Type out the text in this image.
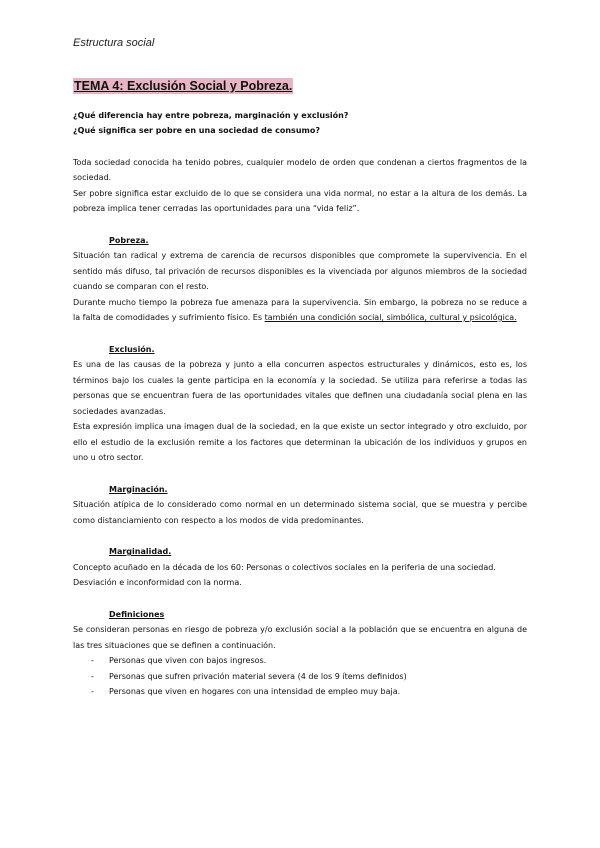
Estructura social
TEMA 4: Exclusión Social y Pobreza.

¿Qué diferencia hay entre pobreza, marginación y exclusión?

¿Qué significa ser pobre en una sociedad de consumo?

Toda sociedad conocida ha tenido pobres, cualquier modelo de orden que condenan a ciertos fragmentos de la sociedad.

Ser pobre significa estar excluido de lo que se considera una vida normal, no estar a la altura de los demás. La pobreza implica tener cerradas las oportunidades para una “vida feliz”.

Pobreza.

Situación tan radical y extrema de carencia de recursos disponibles que compromete la supervivencia. En el sentido más difuso, tal privación de recursos disponibles es la vivenciada por algunos miembros de la sociedad cuando se comparan con el resto.

Durante mucho tiempo la pobreza fue amenaza para la supervivencia. Sin embargo, la pobreza no se reduce a la falta de comodidades y sufrimiento físico. Es también una condición social, simbólica, cultural y psicológica.

Exclusión.

Es una de las causas de la pobreza y junto a ella concurren aspectos estructurales y dinámicos, esto es, los términos bajo los cuales la gente participa en la economía y la sociedad. Se utiliza para referirse a todas las personas que se encuentran fuera de las oportunidades vitales que definen una ciudadanía social plena en las sociedades avanzadas.

Esta expresión implica una imagen dual de la sociedad, en la que existe un sector integrado y otro excluido, por ello el estudio de la exclusión remite a los factores que determinan la ubicación de los individuos y grupos en uno u otro sector.

Marginación.

Situación atípica de lo considerado como normal en un determinado sistema social, que se muestra y percibe como distanciamiento con respecto a los modos de vida predominantes.

Marginalidad.

Concepto acuñado en la década de los 60: Personas o colectivos sociales en la periferia de una sociedad.

Desviación e inconformidad con la norma.

Definiciones

Se consideran personas en riesgo de pobreza y/o exclusión social a la población que se encuentra en alguna de las tres situaciones que se definen a continuación.

- Personas que viven con bajos ingresos.
- Personas que sufren privación material severa (4 de los 9 ítems definidos)
- Personas que viven en hogares con una intensidad de empleo muy baja.
